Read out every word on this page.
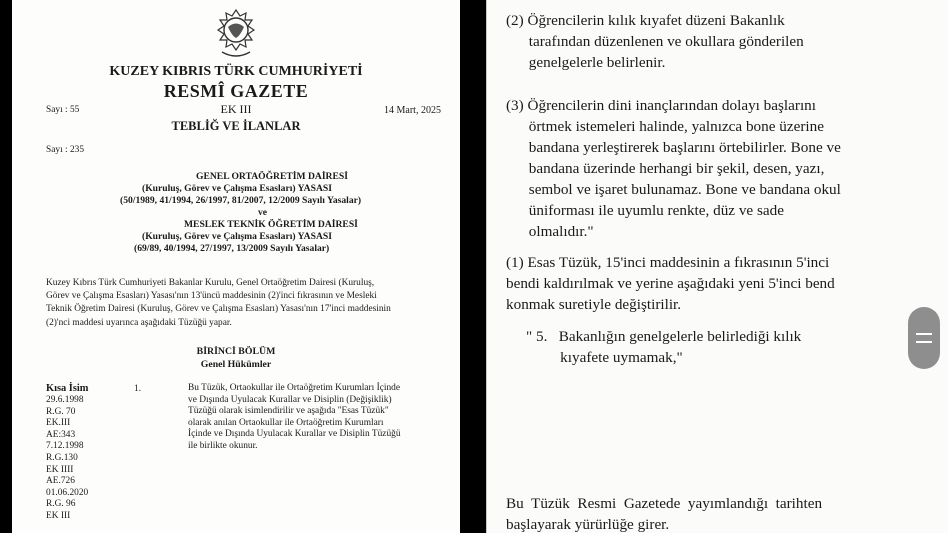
KUZEY KIBRIS TÜRK CUMHURİYETİ
RESMÎ GAZETE
Sayı : 55	EK III	14 Mart, 2025
TEBLİĞ VE İLANLAR
Sayı : 235
GENEL ORTAÖĞRETİM DAİRESİ
(Kuruluş, Görev ve Çalışma Esasları) YASASI
(50/1989, 41/1994, 26/1997, 81/2007, 12/2009 Sayılı Yasalar)
ve
MESLEK TEKNİK ÖĞRETİM DAİRESİ
(Kuruluş, Görev ve Çalışma Esasları) YASASI
(69/89, 40/1994, 27/1997, 13/2009 Sayılı Yasalar)
Kuzey Kıbrıs Türk Cumhuriyeti Bakanlar Kurulu, Genel Ortaöğretim Dairesi (Kuruluş,
Görev ve Çalışma Esasları) Yasası'nın 13'üncü maddesinin (2)'inci fıkrasının ve Mesleki
Teknik Öğretim Dairesi (Kuruluş, Görev ve Çalışma Esasları) Yasası'nın 17'inci maddesinin
(2)'nci maddesi uyarınca aşağıdaki Tüzüğü yapar.
BİRİNCİ BÖLÜM
Genel Hükümler
Kısa İsim
29.6.1998
R.G. 70
EK.III
AE:343
7.12.1998
R.G.130
EK IIII
AE.726
01.06.2020
R.G. 96
EK III
1.	Bu Tüzük, Ortaokullar ile Ortaöğretim Kurumları İçinde
ve Dışında Uyulacak Kurallar ve Disiplin (Değişiklik)
Tüzüğü olarak isimlendirilir ve aşağıda "Esas Tüzük"
olarak anılan Ortaokullar ile Ortaöğretim Kurumları
İçinde ve Dışında Uyulacak Kurallar ve Disiplin Tüzüğü
ile birlikte okunur.
(2) Öğrencilerin kılık kıyafet düzeni Bakanlık
tarafından düzenlenen ve okullara gönderilen
genelgelerle belirlenir.
(3) Öğrencilerin dini inançlarından dolayı başlarını
örtmek istemeleri halinde, yalnızca bone üzerine
bandana yerleştirerek başlarını örtebilirler. Bone ve
bandana üzerinde herhangi bir şekil, desen, yazı,
sembol ve işaret bulunamaz. Bone ve bandana okul
üniforması ile uyumlu renkte, düz ve sade
olmalıdır."
(1) Esas Tüzük, 15'inci maddesinin a fıkrasının 5'inci
bendi kaldırılmak ve yerine aşağıdaki yeni 5'inci bend
konmak suretiyle değiştirilir.
" 5.   Bakanlığın genelgelerle belirlediği kılık
kıyafete uymamak,"
Bu  Tüzük  Resmi  Gazetede  yayımlandığı  tarihten
başlayarak yürürlüğe girer.
